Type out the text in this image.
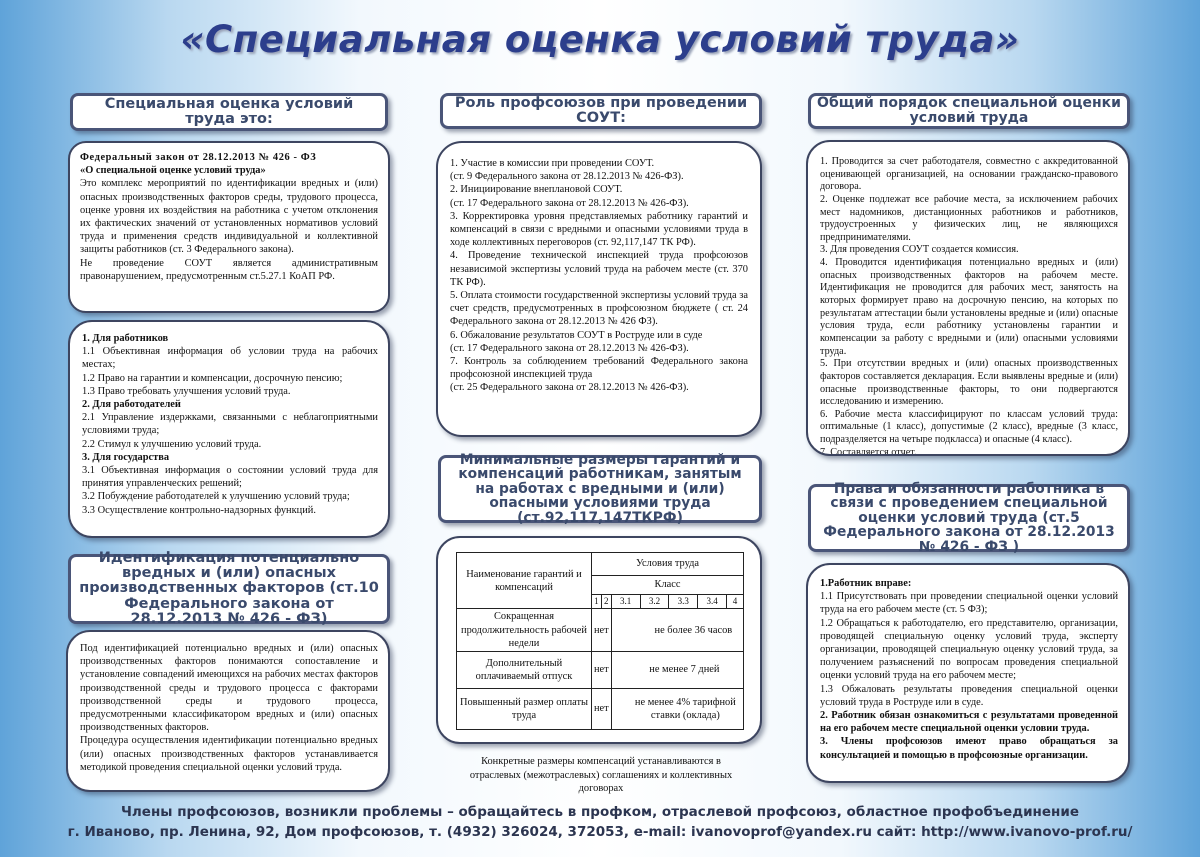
«Специальная оценка условий труда»
Специальная оценка условий труда это:

Федеральный закон от 28.12.2013 № 426 - ФЗ

«О специальной оценке условий труда»

Это комплекс мероприятий по идентификации вредных и (или) опасных производственных факторов среды, трудового процесса, оценке уровня их воздействия на работника с учетом отклонения их фактических значений от установленных нормативов условий труда и применения средств индивидуальной и коллективной защиты работников (ст. 3 Федерального закона).

Не проведение СОУТ является административным правонарушением, предусмотренным ст.5.27.1 КоАП РФ.

1. Для работников

1.1 Объективная информация об условии труда на рабочих местах;

1.2 Право на гарантии и компенсации, досрочную пенсию;

1.3 Право требовать улучшения условий труда.

2. Для работодателей

2.1 Управление издержками, связанными с неблагоприятными условиями труда;

2.2 Стимул к улучшению условий труда.

3. Для государства

3.1 Объективная информация о состоянии условий труда для принятия управленческих решений;

3.2 Побуждение работодателей к улучшению условий труда;

3.3 Осуществление контрольно-надзорных функций.

Идентификация потенциально вредных и (или) опасных производственных факторов (ст.10 Федерального закона от 28.12.2013 № 426 - ФЗ)

Под идентификацией потенциально вредных и (или) опасных производственных факторов понимаются сопоставление и установление совпадений имеющихся на рабочих местах факторов производственной среды и трудового процесса с факторами производственной среды и трудового процесса, предусмотренными классификатором вредных и (или) опасных производственных факторов.

Процедура осуществления идентификации потенциально вредных (или) опасных производственных факторов устанавливается методикой проведения специальной оценки условий труда.

Роль профсоюзов при проведении СОУТ:

1. Участие в комиссии при проведении СОУТ.

(ст. 9 Федерального закона от 28.12.2013 № 426-ФЗ).

2. Инициирование внеплановой СОУТ.

(ст. 17 Федерального закона от 28.12.2013 № 426-ФЗ).

3. Корректировка уровня представляемых работнику гарантий и компенсаций в связи с вредными и опасными условиями труда в ходе коллективных переговоров (ст. 92,117,147 ТК РФ).

4. Проведение технической инспекцией труда профсоюзов независимой экспертизы условий труда на рабочем месте (ст. 370 ТК РФ).

5. Оплата стоимости государственной экспертизы условий труда за счет средств, предусмотренных в профсоюзном бюджете ( ст. 24 Федерального закона от 28.12.2013 № 426 ФЗ).

6. Обжалование результатов СОУТ в Роструде или в суде

(ст. 17 Федерального закона от 28.12.2013 № 426-ФЗ).

7. Контроль за соблюдением требований Федерального закона профсоюзной инспекцией труда

(ст. 25 Федерального закона от 28.12.2013 № 426-ФЗ).

Минимальные размеры гарантий и компенсаций работникам, занятым на работах с вредными и (или) опасными условиями труда (ст.92,117,147ТКРФ)
Наименование гарантий и компенсаций	Условия труда						
	Класс						
	1	2	3.1	3.2	3.3	3.4	4
Сокращенная продолжительность рабочей недели	нет		не более 36 часов				
Дополнительный оплачиваемый отпуск	нет		не менее 7 дней				
Повышенный размер оплаты труда	нет		не менее 4% тарифной ставки (оклада)				
Конкретные размеры компенсаций устанавливаются в отраслевых (межотраслевых) соглашениях и коллективных договорах
Общий порядок специальной оценки условий труда

1. Проводится за счет работодателя, совместно с аккредитованной оценивающей организацией, на основании гражданско-правового договора.

2. Оценке подлежат все рабочие места, за исключением рабочих мест надомников, дистанционных работников и работников, трудоустроенных у физических лиц, не являющихся предпринимателями.

3. Для проведения СОУТ создается комиссия.

4. Проводится идентификация потенциально вредных и (или) опасных производственных факторов на рабочем месте. Идентификация не проводится для рабочих мест, занятость на которых формирует право на досрочную пенсию, на которых по результатам аттестации были установлены вредные и (или) опасные условия труда, если работнику установлены гарантии и компенсации за работу с вредными и (или) опасными условиями труда.

5. При отсутствии вредных и (или) опасных производственных факторов составляется декларация. Если выявлены вредные и (или) опасные производственные факторы, то они подвергаются исследованию и измерению.

6. Рабочие места классифицируют по классам условий труда: оптимальные (1 класс), допустимые (2 класс), вредные (3 класс, подразделяется на четыре подкласса) и опасные (4 класс).

7. Составляется отчет.

Права и обязанности работника в связи с проведением специальной оценки условий труда (ст.5 Федерального закона от 28.12.2013 № 426 - ФЗ )

1.Работник вправе:

1.1 Присутствовать при проведении специальной оценки условий труда на его рабочем месте (ст. 5 ФЗ);

1.2 Обращаться к работодателю, его представителю, организации, проводящей специальную оценку условий труда, эксперту организации, проводящей специальную оценку условий труда, за получением разъяснений по вопросам проведения специальной оценки условий труда на его рабочем месте;

1.3 Обжаловать результаты проведения специальной оценки условий труда в Роструде или в суде.

2. Работник обязан ознакомиться с результатами проведенной на его рабочем месте специальной оценки условии труда.

3. Члены профсоюзов имеют право обращаться за консультацией и помощью в профсоюзные организации.

Члены профсоюзов, возникли проблемы – обращайтесь в профком, отраслевой профсоюз, областное профобъединение
г. Иваново, пр. Ленина, 92, Дом профсоюзов, т. (4932) 326024, 372053, e-mail: ivanovoprof@yandex.ru сайт: http://www.ivanovo-prof.ru/
